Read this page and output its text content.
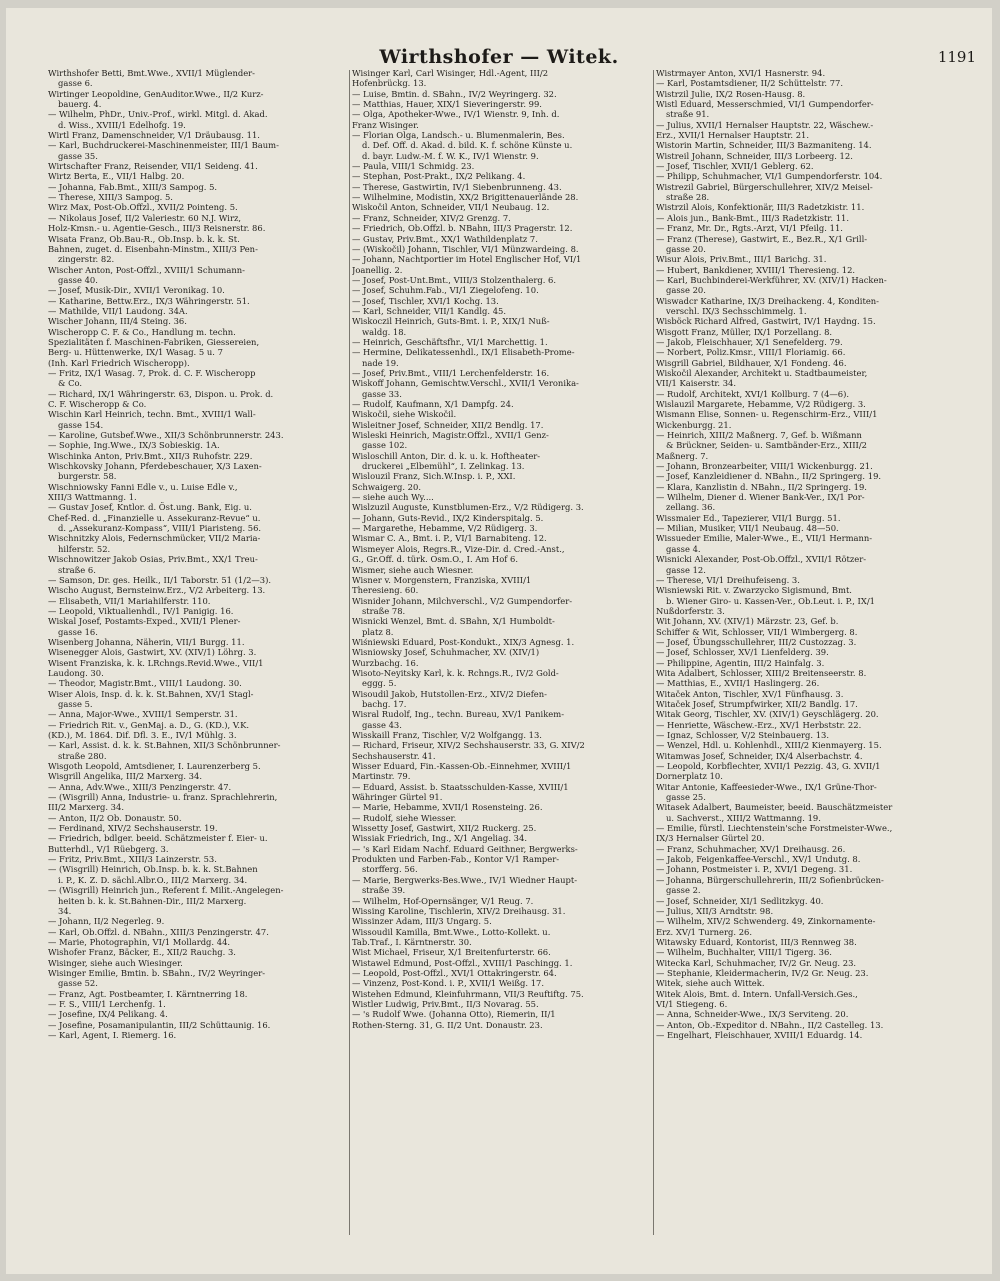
Wirthshofer — Witek.	1191
Wirthshofer Betti, Bmt.Wwe., XVII/1 Müglender-
gasse 6.
Wirtinger Leopoldine, GenAuditor.Wwe., II/2 Kurz-
bauerg. 4.
— Wilhelm, PhDr., Univ.-Prof., wirkl. Mitgl. d. Akad.
d. Wiss., XVIII/1 Edelhofg. 19.
Wirtl Franz, Damenschneider, V/1 Dräubausg. 11.
— Karl, Buchdruckerei-Maschinenmeister, III/1 Baum-
gasse 35.
Wirtschafter Franz, Reisender, VII/1 Seideng. 41.
Wirtz Berta, E., VII/1 Halbg. 20.
— Johanna, Fab.Bmt., XIII/3 Sampog. 5.
— Therese, XIII/3 Sampog. 5.
Wirz Max, Post-Ob.Offzl., XVII/2 Pointeng. 5.
— Nikolaus Josef, II/2 Valeriestr. 60 N.J. Wirz,
Holz-Kmsn.- u. Agentie-Gesch., III/3 Reisnerstr. 86.
Wisata Franz, Ob.Bau-R., Ob.Insp. b. k. k. St.
Bahnen, zuget. d. Eisenbahn-Minstm., XIII/3 Pen-
zingerstr. 82.
Wischer Anton, Post-Offzl., XVIII/1 Schumann-
gasse 40.
— Josef, Musik-Dir., XVII/1 Veronikag. 10.
— Katharine, Bettw.Erz., IX/3 Währingerstr. 51.
— Mathilde, VII/1 Laudong. 34A.
Wischer Johann, III/4 Steing. 36.
Wischeropp C. F. & Co., Handlung m. techn.
Spezialitäten f. Maschinen-Fabriken, Giessereien,
Berg- u. Hüttenwerke, IX/1 Wasag. 5 u. 7
(Inh. Karl Friedrich Wischeropp).
— Fritz, IX/1 Wasag. 7, Prok. d. C. F. Wischeropp
& Co.
— Richard, IX/1 Währingerstr. 63, Dispon. u. Prok. d.
C. F. Wischeropp & Co.
Wischin Karl Heinrich, techn. Bmt., XVIII/1 Wall-
gasse 154.
— Karoline, Gutsbef.Wwe., XII/3 Schönbrunnerstr. 243.
— Sophie, Ing.Wwe., IX/3 Sobieskig. 1A.
Wischinka Anton, Priv.Bmt., XII/3 Ruhofstr. 229.
Wischkovsky Johann, Pferdebeschauer, X/3 Laxen-
burgerstr. 58.
Wischniowsky Fanni Edle v., u. Luise Edle v.,
XIII/3 Wattmanng. 1.
— Gustav Josef, Kntlor. d. Öst.ung. Bank, Eig. u.
Chef-Red. d. „Finanzielle u. Assekuranz-Revue“ u.
d. „Assekuranz-Kompass“, VIII/1 Piaristeng. 56.
Wischnitzky Alois, Federnschmücker, VII/2 Maria-
hilferstr. 52.
Wischnowitzer Jakob Osias, Priv.Bmt., XX/1 Treu-
straße 6.
— Samson, Dr. ges. Heilk., II/1 Taborstr. 51 (1/2—3).
Wischo August, Bernsteinw.Erz., V/2 Arbeiterg. 13.
— Elisabeth, VII/1 Mariahilferstr. 110.
— Leopold, Viktualienhdl., IV/1 Panigig. 16.
Wiskal Josef, Postamts-Exped., XVII/1 Plener-
gasse 16.
Wisenberg Johanna, Näherin, VII/1 Burgg. 11.
Wisenegger Alois, Gastwirt, XV. (XIV/1) Löhrg. 3.
Wisent Franziska, k. k. LRchngs.Revid.Wwe., VII/1
Laudong. 30.
— Theodor, Magistr.Bmt., VIII/1 Laudong. 30.
Wiser Alois, Insp. d. k. k. St.Bahnen, XV/1 Stagl-
gasse 5.
— Anna, Major-Wwe., XVIII/1 Semperstr. 31.
— Friedrich Rit. v., GenMaj. a. D., G. (KD.), V.K.
(KD.), M. 1864. Dif. Dfl. 3. E., IV/1 Mühlg. 3.
— Karl, Assist. d. k. k. St.Bahnen, XII/3 Schönbrunner-
straße 280.
Wisgoth Leopold, Amtsdiener, I. Laurenzerberg 5.
Wisgrill Angelika, III/2 Marxerg. 34.
— Anna, Adv.Wwe., XIII/3 Penzingerstr. 47.
— (Wisgrill) Anna, Industrie- u. franz. Sprachlehrerin,
III/2 Marxerg. 34.
— Anton, II/2 Ob. Donaustr. 50.
— Ferdinand, XIV/2 Sechshauserstr. 19.
— Friedrich, bdlger. beeid. Schätzmeister f. Eier- u.
Butterhdl., V/1 Rüebgerg. 3.
— Fritz, Priv.Bmt., XIII/3 Lainzerstr. 53.
— (Wisgrill) Heinrich, Ob.Insp. b. k. k. St.Bahnen
i. P., K. Z. D. sächl.Albr.O., III/2 Marxerg. 34.
— (Wisgrill) Heinrich jun., Referent f. Milit.-Angelegen-
heiten b. k. k. St.Bahnen-Dir., III/2 Marxerg.
34.
— Johann, II/2 Negerleg. 9.
— Karl, Ob.Offzl. d. NBahn., XIII/3 Penzingerstr. 47.
— Marie, Photographin, VI/1 Mollardg. 44.
Wishofer Franz, Bäcker, E., XII/2 Rauchg. 3.
Wisinger, siehe auch Wiesinger.
Wisinger Emilie, Bmtin. b. SBahn., IV/2 Weyringer-
gasse 52.
— Franz, Agt. Postbeamter, I. Kärntnerring 18.
— F. S., VIII/1 Lerchenfg. 1.
— Josefine, IX/4 Pelikang. 4.
— Josefine, Posamanipulantin, III/2 Schüttaunig. 16.
— Karl, Agent, I. Riemerg. 16.
Wisinger Karl, Carl Wisinger, Hdl.-Agent, III/2
Hofenbrückg. 13.
— Luise, Bmtin. d. SBahn., IV/2 Weyringerg. 32.
— Matthias, Hauer, XIX/1 Sieveringerstr. 99.
— Olga, Apotheker-Wwe., IV/1 Wienstr. 9, Inh. d.
Franz Wisinger.
— Florian Olga, Landsch.- u. Blumenmalerin, Bes.
d. Def. Off. d. Akad. d. bild. K. f. schöne Künste u.
d. bayr. Ludw.-M. f. W. K., IV/1 Wienstr. 9.
— Paula, VIII/1 Schmidg. 23.
— Stephan, Post-Prakt., IX/2 Pelikang. 4.
— Therese, Gastwirtin, IV/1 Siebenbrunneng. 43.
— Wilhelmine, Modistin, XX/2 Brigittenauerlände 28.
Wiskočil Anton, Schneider, VII/1 Neubaug. 12.
— Franz, Schneider, XIV/2 Grenzg. 7.
— Friedrich, Ob.Offzl. b. NBahn, III/3 Pragerstr. 12.
— Gustav, Priv.Bmt., XX/1 Wathildenplatz 7.
— (Wiskočil) Johann, Tischler, VI/1 Münzwardeing. 8.
— Johann, Nachtportier im Hotel Englischer Hof, VI/1
Joanellig. 2.
— Josef, Post-Unt.Bmt., VIII/3 Stolzenthalerg. 6.
— Josef, Schuhm.Fab., VI/1 Ziegelofeng. 10.
— Josef, Tischler, XVI/1 Kochg. 13.
— Karl, Schneider, VII/1 Kandlg. 45.
Wiskoczil Heinrich, Guts-Bmt. i. P., XIX/1 Nuß-
waldg. 18.
— Heinrich, Geschäftsfhr., VI/1 Marchettig. 1.
— Hermine, Delikatessenhdl., IX/1 Elisabeth-Prome-
nade 19.
— Josef, Priv.Bmt., VIII/1 Lerchenfelderstr. 16.
Wiskoff Johann, Gemischtw.Verschl., XVII/1 Veronika-
gasse 33.
— Rudolf, Kaufmann, X/1 Dampfg. 24.
Wiskočil, siehe Wiskočil.
Wisleitner Josef, Schneider, XII/2 Bendlg. 17.
Wisleski Heinrich, Magistr.Offzl., XVII/1 Genz-
gasse 102.
Wisloschill Anton, Dir. d. k. u. k. Hoftheater-
druckerei „Elbemühl“, I. Zelinkag. 13.
Wislouzil Franz, Sich.W.Insp. i. P., XXI.
Schwaigerg. 20.
— siehe auch Wy....
Wislzuzil Auguste, Kunstblumen-Erz., V/2 Rüdigerg. 3.
— Johann, Guts-Revid., IX/2 Kinderspitalg. 5.
— Margarethe, Hebamme, V/2 Rüdigerg. 3.
Wismar C. A., Bmt. i. P., VI/1 Barnabiteng. 12.
Wismeyer Alois, Regrs.R., Vize-Dir. d. Cred.-Anst.,
G., Gr.Off. d. türk. Osm.O., I. Am Hof 6.
Wismer, siehe auch Wiesner.
Wisner v. Morgenstern, Franziska, XVIII/1
Theresieng. 60.
Wisnider Johann, Milchverschl., V/2 Gumpendorfer-
straße 78.
Wisnicki Wenzel, Bmt. d. SBahn, X/1 Humboldt-
platz 8.
Wiśniewski Eduard, Post-Kondukt., XIX/3 Agnesg. 1.
Wisniowsky Josef, Schuhmacher, XV. (XIV/1)
Wurzbachg. 16.
Wisoto-Neyitsky Karl, k. k. Rchngs.R., IV/2 Gold-
eggg. 5.
Wisoudil Jakob, Hutstollen-Erz., XIV/2 Diefen-
bachg. 17.
Wisral Rudolf, Ing., techn. Bureau, XV/1 Panikem-
gasse 43.
Wisskaill Franz, Tischler, V/2 Wolfgangg. 13.
— Richard, Friseur, XIV/2 Sechshauserstr. 33, G. XIV/2
Sechshauserstr. 41.
Wisser Eduard, Fin.-Kassen-Ob.-Einnehmer, XVIII/1
Martinstr. 79.
— Eduard, Assist. b. Staatsschulden-Kasse, XVIII/1
Währinger Gürtel 91.
— Marie, Hebamme, XVII/1 Rosensteing. 26.
— Rudolf, siehe Wiesser.
Wissetty Josef, Gastwirt, XII/2 Ruckerg. 25.
Wissiak Friedrich, Ing., X/1 Angeliag. 34.
— 's Karl Eidam Nachf. Eduard Geithner, Bergwerks-
Produkten und Farben-Fab., Kontor V/1 Ramper-
storfferg. 56.
— Marie, Bergwerks-Bes.Wwe., IV/1 Wiedner Haupt-
straße 39.
— Wilhelm, Hof-Opernsänger, V/1 Reug. 7.
Wissing Karoline, Tischlerin, XIV/2 Dreihausg. 31.
Wissinzer Adam, III/3 Ungarg. 5.
Wissoudil Kamilla, Bmt.Wwe., Lotto-Kollekt. u.
Tab.Traf., I. Kärntnerstr. 30.
Wist Michael, Friseur, X/1 Breitenfurterstr. 66.
Wistawel Edmund, Post-Offzl., XVIII/1 Paschingg. 1.
— Leopold, Post-Offzl., XVI/1 Ottakringerstr. 64.
— Vinzenz, Post-Kond. i. P., XVII/1 Weißg. 17.
Wistehen Edmund, Kleinfuhrmann, VII/3 Reuftiftg. 75.
Wistler Ludwig, Priv.Bmt., II/3 Novarag. 55.
— 's Rudolf Wwe. (Johanna Otto), Riemerin, II/1
Rothen-Sterng. 31, G. II/2 Unt. Donaustr. 23.
Wistrmayer Anton, XVI/1 Hasnerstr. 94.
— Karl, Postamtsdiener, II/2 Schüttelstr. 77.
Wistrzil Julie, IX/2 Rosen-Hausg. 8.
Wistl Eduard, Messerschmied, VI/1 Gumpendorfer-
straße 91.
— Julius, XVII/1 Hernalser Hauptstr. 22, Wäschew.-
Erz., XVII/1 Hernalser Hauptstr. 21.
Wistorin Martin, Schneider, III/3 Bazmaniteng. 14.
Wistreil Johann, Schneider, III/3 Lorbeerg. 12.
— Josef, Tischler, XVII/1 Geblerg. 62.
— Philipp, Schuhmacher, VI/1 Gumpendorferstr. 104.
Wistrezil Gabriel, Bürgerschullehrer, XIV/2 Meisel-
straße 28.
Wistrzil Alois, Konfektionär, III/3 Radetzkistr. 11.
— Alois jun., Bank-Bmt., III/3 Radetzkistr. 11.
— Franz, Mr. Dr., Rgts.-Arzt, VI/1 Pfeilg. 11.
— Franz (Therese), Gastwirt, E., Bez.R., X/1 Grill-
gasse 20.
Wisur Alois, Priv.Bmt., III/1 Barichg. 31.
— Hubert, Bankdiener, XVIII/1 Theresieng. 12.
— Karl, Buchbinderei-Werkführer, XV. (XIV/1) Hacken-
gasse 20.
Wiswadcr Katharine, IX/3 Dreihackeng. 4, Konditen-
verschl. IX/3 Sechsschimmelg. 1.
Wisböck Richard Alfred, Gastwirt, IV/1 Haydng. 15.
Wisgott Franz, Müller, IX/1 Porzellang. 8.
— Jakob, Fleischhauer, X/1 Senefelderg. 79.
— Norbert, Poliz.Kmsr., VIII/1 Floriamig. 66.
Wisgrill Gabriel, Bildhauer, X/1 Fondeng. 46.
Wiskočil Alexander, Architekt u. Stadtbaumeister,
VII/1 Kaiserstr. 34.
— Rudolf, Architekt, XVI/1 Kollburg. 7 (4—6).
Wislauzil Margarete, Hebamme, V/2 Rüdigerg. 3.
Wismann Elise, Sonnen- u. Regenschirm-Erz., VIII/1
Wickenburgg. 21.
— Heinrich, XIII/2 Maßnerg. 7, Gef. b. Wißmann
& Brückner, Seiden- u. Samtbänder-Erz., XIII/2
Maßnerg. 7.
— Johann, Bronzearbeiter, VIII/1 Wickenburgg. 21.
— Josef, Kanzleidiener d. NBahn., II/2 Springerg. 19.
— Klara, Kanzlistin d. NBahn., II/2 Springerg. 19.
— Wilhelm, Diener d. Wiener Bank-Ver., IX/1 Por-
zellang. 36.
Wissmaier Ed., Tapezierer, VII/1 Burgg. 51.
— Milian, Musiker, VII/1 Neubaug. 48—50.
Wissueder Emilie, Maler-Wwe., E., VII/1 Hermann-
gasse 4.
Wisnicki Alexander, Post-Ob.Offzl., XVII/1 Rötzer-
gasse 12.
— Therese, VI/1 Dreihufeiseng. 3.
Wisniewski Rit. v. Zwarzycko Sigismund, Bmt.
b. Wiener Giro- u. Kassen-Ver., Ob.Leut. i. P., IX/1
Nußdorferstr. 3.
Wit Johann, XV. (XIV/1) Märzstr. 23, Gef. b.
Schiffer & Wit, Schlosser, VII/1 Wimbergerg. 8.
— Josef, Übungsschullehrer, III/2 Custozzag. 3.
— Josef, Schlosser, XV/1 Lienfelderg. 39.
— Philippine, Agentin, III/2 Hainfalg. 3.
Wita Adalbert, Schlosser, XIII/2 Breitenseerstr. 8.
— Matthias, E., XVII/1 Haslingerg. 26.
Witaček Anton, Tischler, XV/1 Fünfhausg. 3.
Witaček Josef, Strumpfwirker, XII/2 Bandlg. 17.
Witak Georg, Tischler, XV. (XIV/1) Geyschlägerg. 20.
— Henriette, Wäschew.-Erz., XV/1 Herbststr. 22.
— Ignaz, Schlosser, V/2 Steinbauerg. 13.
— Wenzel, Hdl. u. Kohlenhdl., XIII/2 Kienmayerg. 15.
Witamwas Josef, Schneider, IX/4 Alserbachstr. 4.
— Leopold, Korbflechter, XVII/1 Pezzig. 43, G. XVII/1
Dornerplatz 10.
Witar Antonie, Kaffeesieder-Wwe., IX/1 Grüne-Thor-
gasse 25.
Witasek Adalbert, Baumeister, beeid. Bauschätzmeister
u. Sachverst., XIII/2 Wattmanng. 19.
— Emilie, fürstl. Liechtenstein'sche Forstmeister-Wwe.,
IX/3 Hernalser Gürtel 20.
— Franz, Schuhmacher, XV/1 Dreihausg. 26.
— Jakob, Feigenkaffee-Verschl., XV/1 Undutg. 8.
— Johann, Postmeister i. P., XVI/1 Degeng. 31.
— Johanna, Bürgerschullehrerin, III/2 Sofienbrücken-
gasse 2.
— Josef, Schneider, XI/1 Sedlitzkyg. 40.
— Julius, XII/3 Arndtstr. 98.
— Wilhelm, XIV/2 Schwenderg. 49, Zinkornamente-
Erz. XV/1 Turnerg. 26.
Witawsky Eduard, Kontorist, III/3 Rennweg 38.
— Wilhelm, Buchhalter, VIII/1 Tigerg. 36.
Witecka Karl, Schuhmacher, IV/2 Gr. Neug. 23.
— Stephanie, Kleidermacherin, IV/2 Gr. Neug. 23.
Witek, siehe auch Wittek.
Witek Alois, Bmt. d. Intern. Unfall-Versich.Ges.,
VI/1 Stiegeng. 6.
— Anna, Schneider-Wwe., IX/3 Serviteng. 20.
— Anton, Ob.-Expeditor d. NBahn., II/2 Castelleg. 13.
— Engelhart, Fleischhauer, XVIII/1 Eduardg. 14.
